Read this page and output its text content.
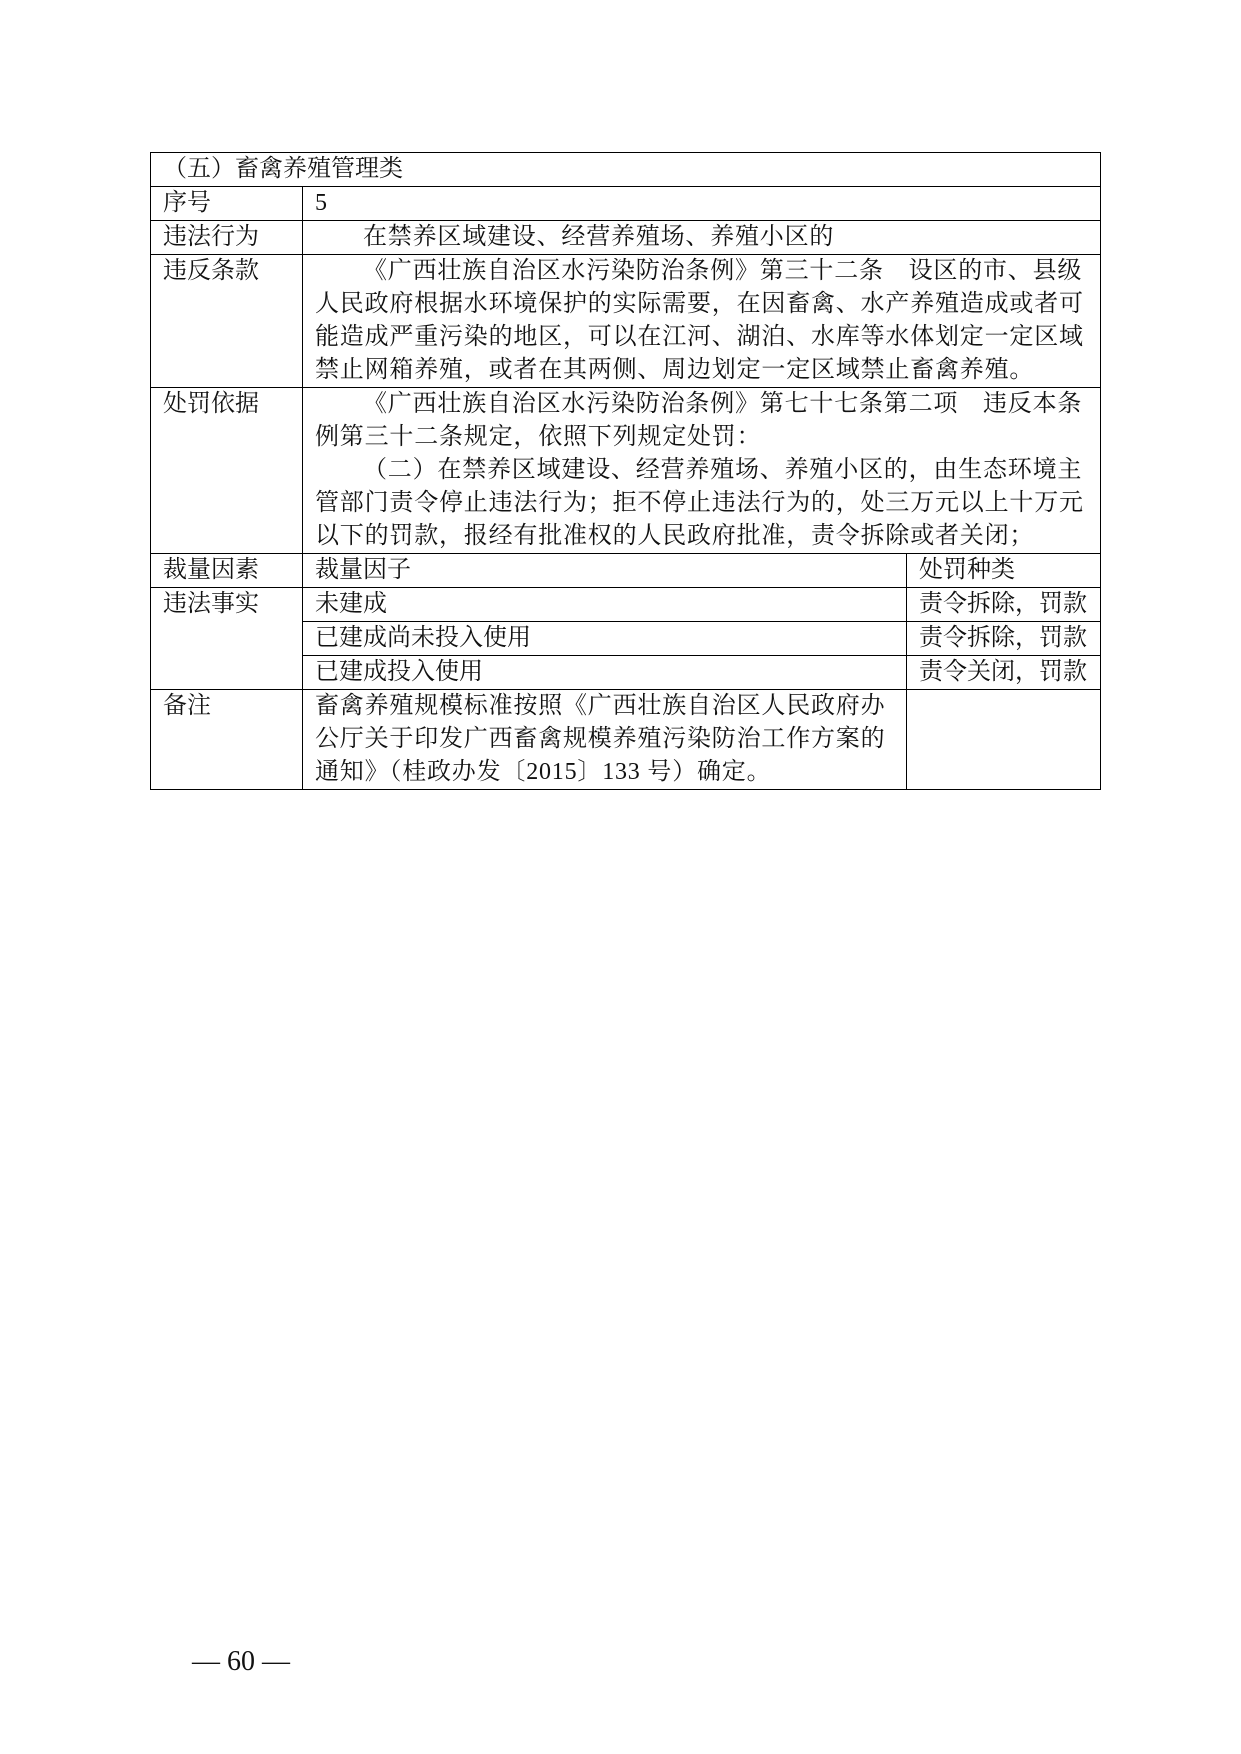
（五）畜禽养殖管理类		
序号	5	
违法行为	在禁养区域建设、经营养殖场、养殖小区的	
违反条款	《广西壮族自治区水污染防治条例》第三十二条　设区的市、县级人民政府根据水环境保护的实际需要，在因畜禽、水产养殖造成或者可能造成严重污染的地区，可以在江河、湖泊、水库等水体划定一定区域禁止网箱养殖，或者在其两侧、周边划定一定区域禁止畜禽养殖。	
处罚依据	《广西壮族自治区水污染防治条例》第七十七条第二项　违反本条例第三十二条规定，依照下列规定处罚：

（二）在禁养区域建设、经营养殖场、养殖小区的，由生态环境主管部门责令停止违法行为；拒不停止违法行为的，处三万元以上十万元以下的罚款，报经有批准权的人民政府批准，责令拆除或者关闭；	

裁量因素	裁量因子	处罚种类
违法事实	未建成	责令拆除，罚款
	已建成尚未投入使用	责令拆除，罚款
	已建成投入使用	责令关闭，罚款
备注	畜禽养殖规模标准按照《广西壮族自治区人民政府办公厅关于印发广西畜禽规模养殖污染防治工作方案的通知》（桂政办发〔2015〕133 号）确定。	
— 60 —
